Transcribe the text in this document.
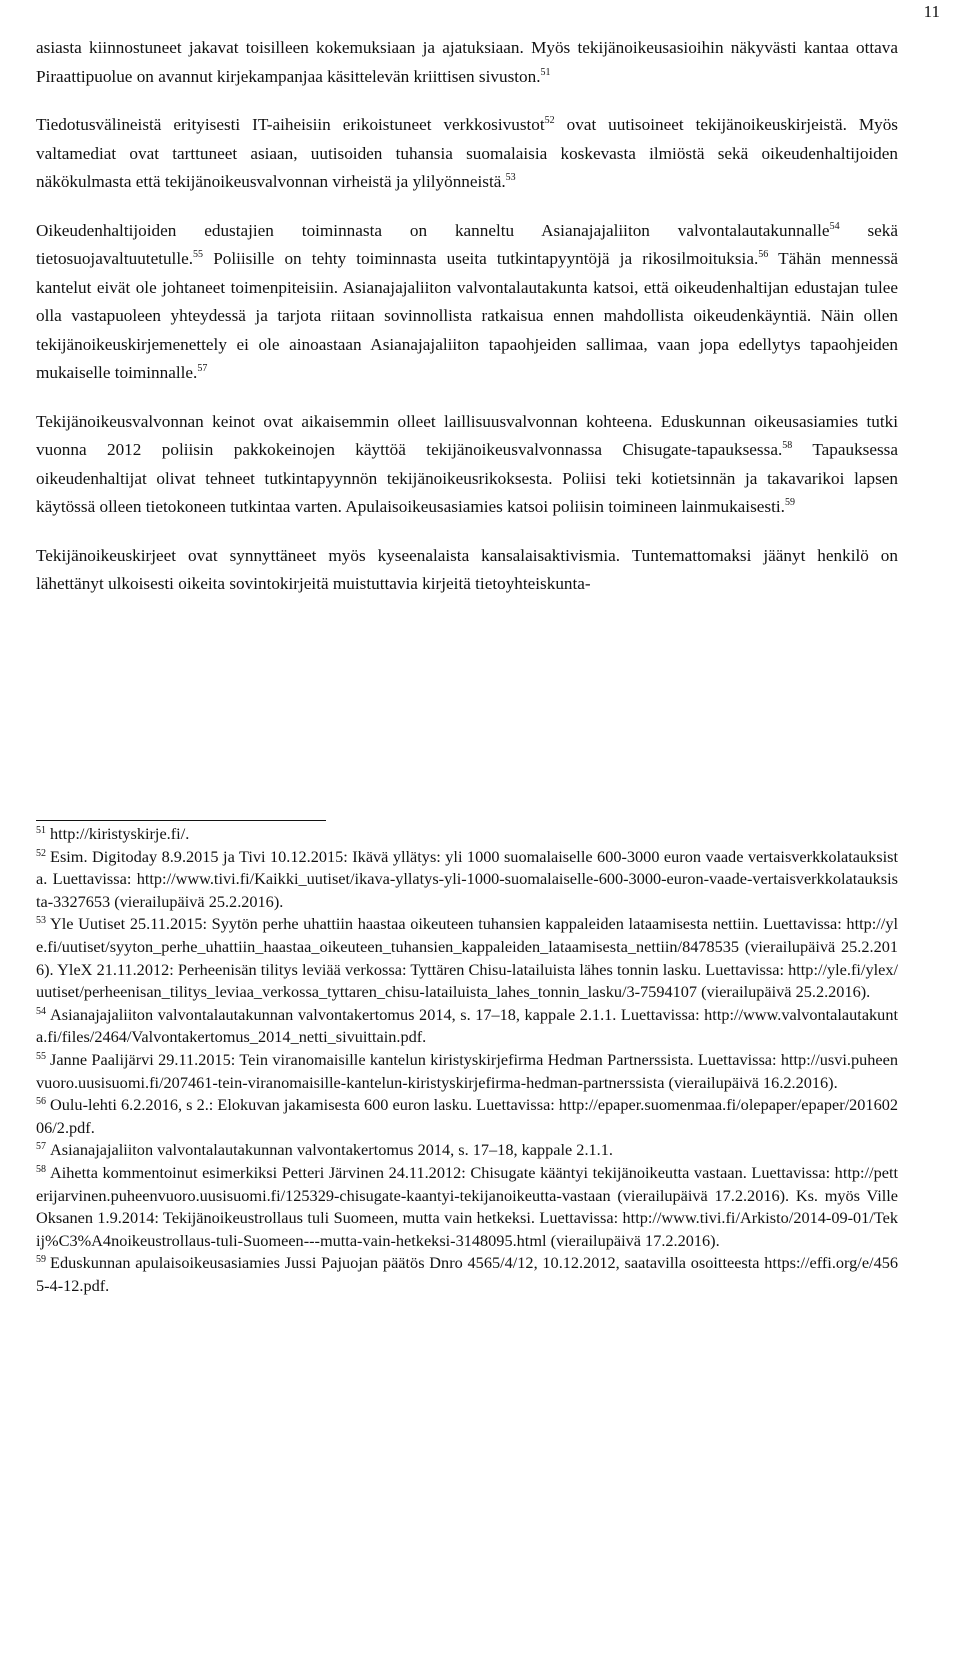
11

asiasta kiinnostuneet jakavat toisilleen kokemuksiaan ja ajatuksiaan. Myös tekijänoikeusasioihin näkyvästi kantaa ottava Piraattipuolue on avannut kirjekampanjaa käsittelevän kriittisen sivuston.$^{51}$

Tiedotusvälineistä erityisesti IT-aiheisiin erikoistuneet verkkosivustot$^{52}$ ovat uutisoineet tekijänoikeuskirjeistä. Myös valtamediat ovat tarttuneet asiaan, uutisoiden tuhansia suomalaisia koskevasta ilmiöstä sekä oikeudenhaltijoiden näkökulmasta että tekijänoikeusvalvonnan virheistä ja ylilyönneistä.$^{53}$

Oikeudenhaltijoiden edustajien toiminnasta on kanneltu Asianajajaliiton valvontalautakunnalle$^{54}$ sekä tietosuojavaltuutetulle.$^{55}$ Poliisille on tehty toiminnasta useita tutkintapyyntöjä ja rikosilmoituksia.$^{56}$ Tähän mennessä kantelut eivät ole johtaneet toimenpiteisiin. Asianajajaliiton valvontalautakunta katsoi, että oikeudenhaltijan edustajan tulee olla vastapuoleen yhteydessä ja tarjota riitaan sovinnollista ratkaisua ennen mahdollista oikeudenkäyntiä. Näin ollen tekijänoikeuskirjemenettely ei ole ainoastaan Asianajajaliiton tapaohjeiden sallimaa, vaan jopa edellytys tapaohjeiden mukaiselle toiminnalle.$^{57}$

Tekijänoikeusvalvonnan keinot ovat aikaisemmin olleet laillisuusvalvonnan kohteena. Eduskunnan oikeusasiamies tutki vuonna 2012 poliisin pakkokeinojen käyttöä tekijänoikeusvalvonnassa Chisugate-tapauksessa.$^{58}$ Tapauksessa oikeudenhaltijat olivat tehneet tutkintapyynnön tekijänoikeusrikoksesta. Poliisi teki kotietsinnän ja takavarikoi lapsen käytössä olleen tietokoneen tutkintaa varten. Apulaisoikeusasiamies katsoi poliisin toimineen lainmukaisesti.$^{59}$

Tekijänoikeuskirjeet ovat synnyttäneet myös kyseenalaista kansalaisaktivismia. Tuntemattomaksi jäänyt henkilö on lähettänyt ulkoisesti oikeita sovintokirjeitä muistuttavia kirjeitä tietoyhteiskunta-

$^{51}$ http://kiristyskirje.fi/.

$^{52}$ Esim. Digitoday 8.9.2015 ja Tivi 10.12.2015: Ikävä yllätys: yli 1000 suomalaiselle 600-3000 euron vaade vertaisverkkolatauksista. Luettavissa: http://www.tivi.fi/Kaikki_uutiset/ikava-yllatys-yli-1000-suomalaiselle-600-3000-euron-vaade-vertaisverkkolatauksista-3327653 (vierailupäivä 25.2.2016).

$^{53}$ Yle Uutiset 25.11.2015: Syytön perhe uhattiin haastaa oikeuteen tuhansien kappaleiden lataamisesta nettiin. Luettavissa: http://yle.fi/uutiset/syyton_perhe_uhattiin_haastaa_oikeuteen_tuhansien_kappaleiden_lataamisesta_nettiin/8478535 (vierailupäivä 25.2.2016). YleX 21.11.2012: Perheenisän tilitys leviää verkossa: Tyttären Chisu-latailuista lähes tonnin lasku. Luettavissa: http://yle.fi/ylex/uutiset/perheenisan_tilitys_leviaa_verkossa_tyttaren_chisu-latailuista_lahes_tonnin_lasku/3-7594107 (vierailupäivä 25.2.2016).

$^{54}$ Asianajajaliiton valvontalautakunnan valvontakertomus 2014, s. 17–18, kappale 2.1.1. Luettavissa: http://www.valvontalautakunta.fi/files/2464/Valvontakertomus_2014_netti_sivuittain.pdf.

$^{55}$ Janne Paalijärvi 29.11.2015: Tein viranomaisille kantelun kiristyskirjefirma Hedman Partnerssista. Luettavissa: http://usvi.puheenvuoro.uusisuomi.fi/207461-tein-viranomaisille-kantelun-kiristyskirjefirma-hedman-partnerssista (vierailupäivä 16.2.2016).

$^{56}$ Oulu-lehti 6.2.2016, s 2.: Elokuvan jakamisesta 600 euron lasku. Luettavissa: http://epaper.suomenmaa.fi/olepaper/epaper/20160206/2.pdf.

$^{57}$ Asianajajaliiton valvontalautakunnan valvontakertomus 2014, s. 17–18, kappale 2.1.1.

$^{58}$ Aihetta kommentoinut esimerkiksi Petteri Järvinen 24.11.2012: Chisugate kääntyi tekijänoikeutta vastaan. Luettavissa: http://petterijarvinen.puheenvuoro.uusisuomi.fi/125329-chisugate-kaantyi-tekijanoikeutta-vastaan (vierailupäivä 17.2.2016). Ks. myös Ville Oksanen 1.9.2014: Tekijänoikeustrollaus tuli Suomeen, mutta vain hetkeksi. Luettavissa: http://www.tivi.fi/Arkisto/2014-09-01/Tekij%C3%A4noikeustrollaus-tuli-Suomeen---mutta-vain-hetkeksi-3148095.html (vierailupäivä 17.2.2016).

$^{59}$ Eduskunnan apulaisoikeusasiamies Jussi Pajuojan päätös Dnro 4565/4/12, 10.12.2012, saatavilla osoitteesta https://effi.org/e/4565-4-12.pdf.
